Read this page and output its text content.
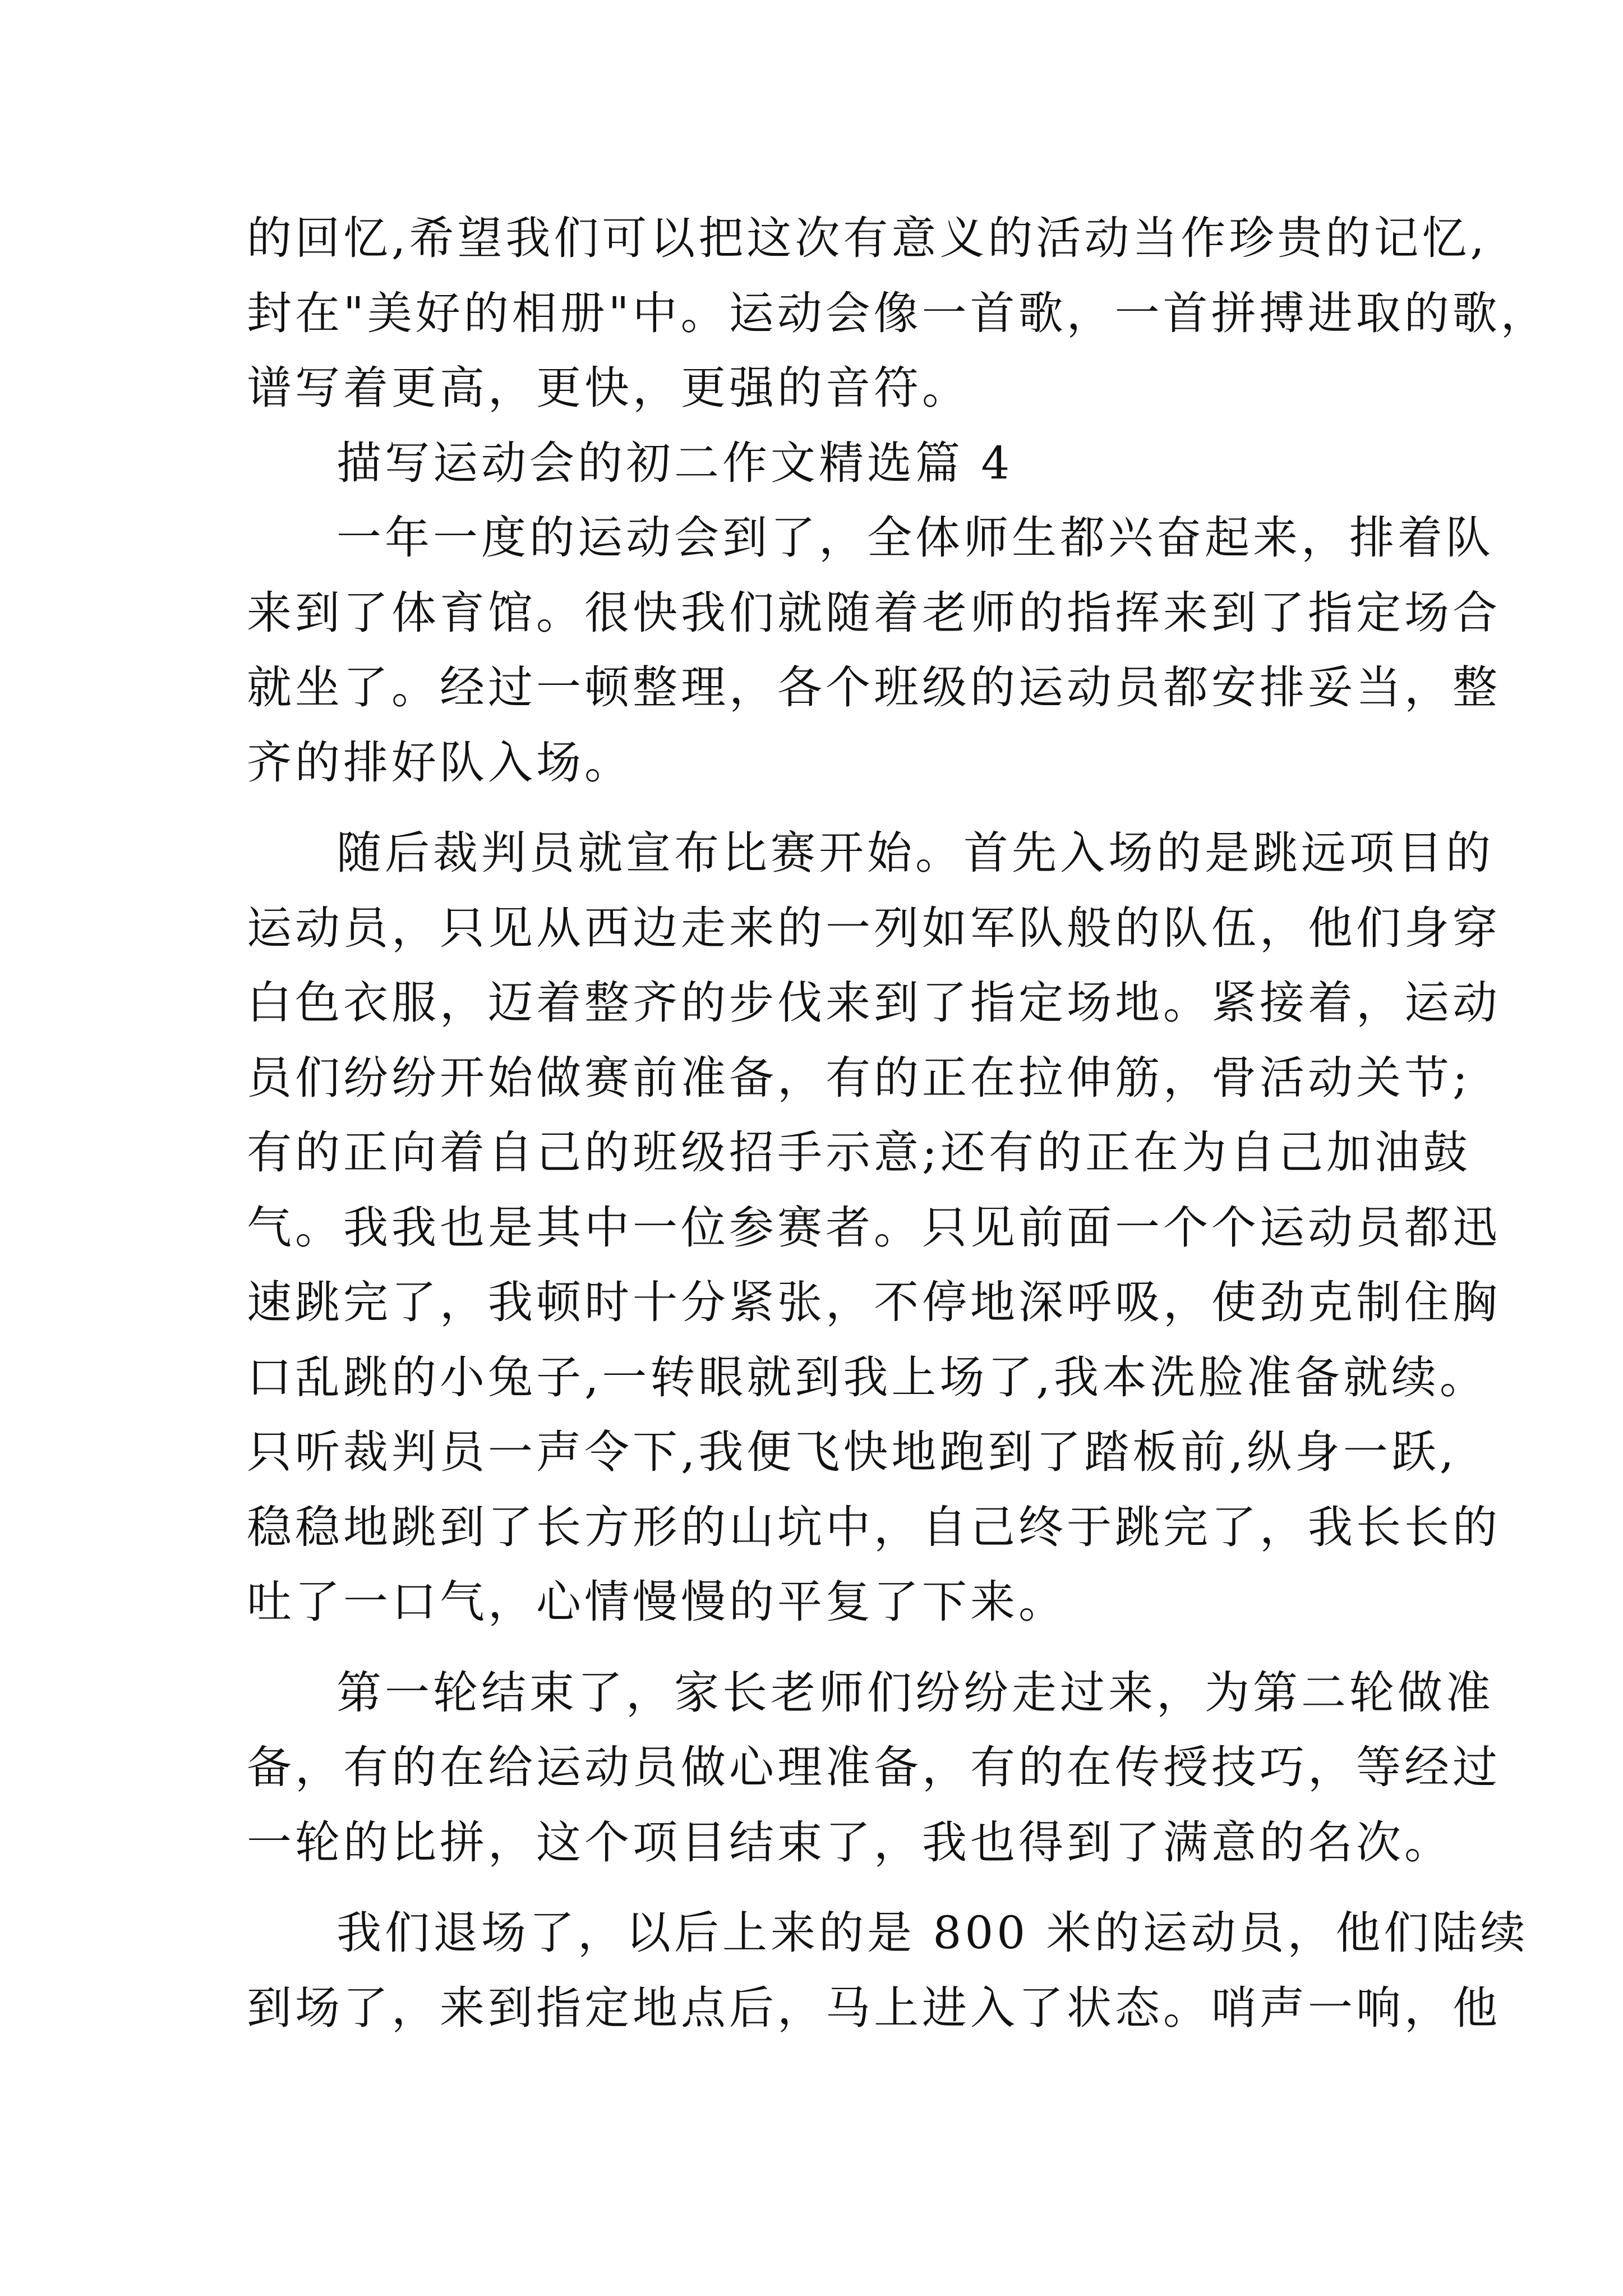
的回忆,希望我们可以把这次有意义的活动当作珍贵的记忆,
封在"美好的相册"中。运动会像一首歌，一首拼搏进取的歌，
谱写着更高，更快，更强的音符。
描写运动会的初二作文精选篇 4
一年一度的运动会到了，全体师生都兴奋起来，排着队
来到了体育馆。很快我们就随着老师的指挥来到了指定场合
就坐了。经过一顿整理，各个班级的运动员都安排妥当，整
齐的排好队入场。
随后裁判员就宣布比赛开始。首先入场的是跳远项目的
运动员，只见从西边走来的一列如军队般的队伍，他们身穿
白色衣服，迈着整齐的步伐来到了指定场地。紧接着，运动
员们纷纷开始做赛前准备，有的正在拉伸筋，骨活动关节;
有的正向着自己的班级招手示意;还有的正在为自己加油鼓
气。我我也是其中一位参赛者。只见前面一个个运动员都迅
速跳完了，我顿时十分紧张，不停地深呼吸，使劲克制住胸
口乱跳的小兔子,一转眼就到我上场了,我本洗脸准备就续。
只听裁判员一声令下,我便飞快地跑到了踏板前,纵身一跃,
稳稳地跳到了长方形的山坑中，自己终于跳完了，我长长的
吐了一口气，心情慢慢的平复了下来。
第一轮结束了，家长老师们纷纷走过来，为第二轮做准
备，有的在给运动员做心理准备，有的在传授技巧，等经过
一轮的比拼，这个项目结束了，我也得到了满意的名次。
我们退场了，以后上来的是 800 米的运动员，他们陆续
到场了，来到指定地点后，马上进入了状态。哨声一响，他
